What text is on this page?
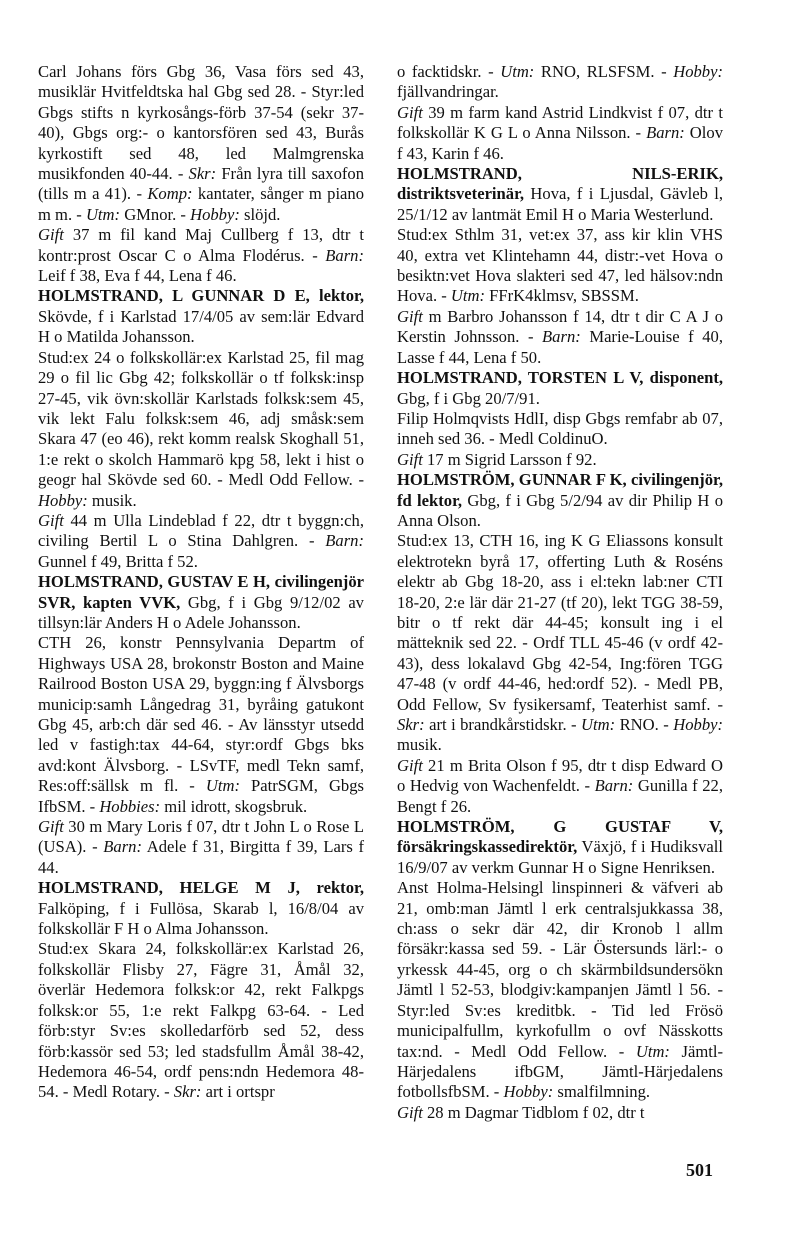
Carl Johans förs Gbg 36, Vasa förs sed 43, musiklär Hvitfeldtska hal Gbg sed 28. - Styr:led Gbgs stifts n kyrkosångs-förb 37-54 (sekr 37-40), Gbgs org:- o kantorsfören sed 43, Burås kyrkostift sed 48, led Malmgrenska musikfonden 40-44. - Skr: Från lyra till saxofon (tills m a 41). - Komp: kantater, sånger m piano m m. - Utm: GMnor. - Hobby: slöjd.

Gift 37 m fil kand Maj Cullberg f 13, dtr t kontr:prost Oscar C o Alma Flodérus. - Barn: Leif f 38, Eva f 44, Lena f 46.

HOLMSTRAND, L GUNNAR D E, lektor, Skövde, f i Karlstad 17/4/05 av sem:lär Edvard H o Matilda Johansson.

Stud:ex 24 o folkskollär:ex Karlstad 25, fil mag 29 o fil lic Gbg 42; folkskollär o tf folksk:insp 27-45, vik övn:skollär Karlstads folksk:sem 45, vik lekt Falu folksk:sem 46, adj småsk:sem Skara 47 (eo 46), rekt komm realsk Skoghall 51, 1:e rekt o skolch Hammarö kpg 58, lekt i hist o geogr hal Skövde sed 60. - Medl Odd Fellow. - Hobby: musik.

Gift 44 m Ulla Lindeblad f 22, dtr t byggn:ch, civiling Bertil L o Stina Dahlgren. - Barn: Gunnel f 49, Britta f 52.

HOLMSTRAND, GUSTAV E H, civilingenjör SVR, kapten VVK, Gbg, f i Gbg 9/12/02 av tillsyn:lär Anders H o Adele Johansson.

CTH 26, konstr Pennsylvania Departm of Highways USA 28, brokonstr Boston and Maine Railrood Boston USA 29, byggn:ing f Älvsborgs municip:samh Långedrag 31, byråing gatukont Gbg 45, arb:ch där sed 46. - Av länsstyr utsedd led v fastigh:tax 44-64, styr:ordf Gbgs bks avd:kont Älvsborg. - LSvTF, medl Tekn samf, Res:off:sällsk m fl. - Utm: PatrSGM, Gbgs IfbSM. - Hobbies: mil idrott, skogsbruk.

Gift 30 m Mary Loris f 07, dtr t John L o Rose L (USA). - Barn: Adele f 31, Birgitta f 39, Lars f 44.

HOLMSTRAND, HELGE M J, rektor, Falköping, f i Fullösa, Skarab l, 16/8/04 av folkskollär F H o Alma Johansson.

Stud:ex Skara 24, folkskollär:ex Karlstad 26, folkskollär Flisby 27, Fägre 31, Åmål 32, överlär Hedemora folksk:or 42, rekt Falkpgs folksk:or 55, 1:e rekt Falkpg 63-64. - Led förb:styr Sv:es skolledarförb sed 52, dess förb:kassör sed 53; led stadsfullm Åmål 38-42, Hedemora 46-54, ordf pens:ndn Hedemora 48-54. - Medl Rotary. - Skr: art i ortspr

o facktidskr. - Utm: RNO, RLSFSM. - Hobby: fjällvandringar.

Gift 39 m farm kand Astrid Lindkvist f 07, dtr t folkskollär K G L o Anna Nilsson. - Barn: Olov f 43, Karin f 46.

HOLMSTRAND, NILS-ERIK, distriktsveterinär, Hova, f i Ljusdal, Gävleb l, 25/1/12 av lantmät Emil H o Maria Westerlund.

Stud:ex Sthlm 31, vet:ex 37, ass kir klin VHS 40, extra vet Klintehamn 44, distr:-vet Hova o besiktn:vet Hova slakteri sed 47, led hälsov:ndn Hova. - Utm: FFrK4klmsv, SBSSM.

Gift m Barbro Johansson f 14, dtr t dir C A J o Kerstin Johnsson. - Barn: Marie-Louise f 40, Lasse f 44, Lena f 50.

HOLMSTRAND, TORSTEN L V, disponent, Gbg, f i Gbg 20/7/91.

Filip Holmqvists HdlI, disp Gbgs remfabr ab 07, inneh sed 36. - Medl ColdinuO.

Gift 17 m Sigrid Larsson f 92.

HOLMSTRÖM, GUNNAR F K, civilingenjör, fd lektor, Gbg, f i Gbg 5/2/94 av dir Philip H o Anna Olson.

Stud:ex 13, CTH 16, ing K G Eliassons konsult elektrotekn byrå 17, offerting Luth & Roséns elektr ab Gbg 18-20, ass i el:tekn lab:ner CTI 18-20, 2:e lär där 21-27 (tf 20), lekt TGG 38-59, bitr o tf rekt där 44-45; konsult ing i el mätteknik sed 22. - Ordf TLL 45-46 (v ordf 42-43), dess lokalavd Gbg 42-54, Ing:fören TGG 47-48 (v ordf 44-46, hed:ordf 52). - Medl PB, Odd Fellow, Sv fysikersamf, Teaterhist samf. - Skr: art i brandkårstidskr. - Utm: RNO. - Hobby: musik.

Gift 21 m Brita Olson f 95, dtr t disp Edward O o Hedvig von Wachenfeldt. - Barn: Gunilla f 22, Bengt f 26.

HOLMSTRÖM, G GUSTAF V, försäkringskassedirektör, Växjö, f i Hudiksvall 16/9/07 av verkm Gunnar H o Signe Henriksen.

Anst Holma-Helsingl linspinneri & väfveri ab 21, omb:man Jämtl l erk centralsjukkassa 38, ch:ass o sekr där 42, dir Kronob l allm försäkr:kassa sed 59. - Lär Östersunds lärl:- o yrkessk 44-45, org o ch skärmbildsundersökn Jämtl l 52-53, blodgiv:kampanjen Jämtl l 56. - Styr:led Sv:es kreditbk. - Tid led Frösö municipalfullm, kyrkofullm o ovf Nässkotts tax:nd. - Medl Odd Fellow. - Utm: Jämtl-Härjedalens ifbGM, Jämtl-Härjedalens fotbollsfbSM. - Hobby: smalfilmning.

Gift 28 m Dagmar Tidblom f 02, dtr t

501
